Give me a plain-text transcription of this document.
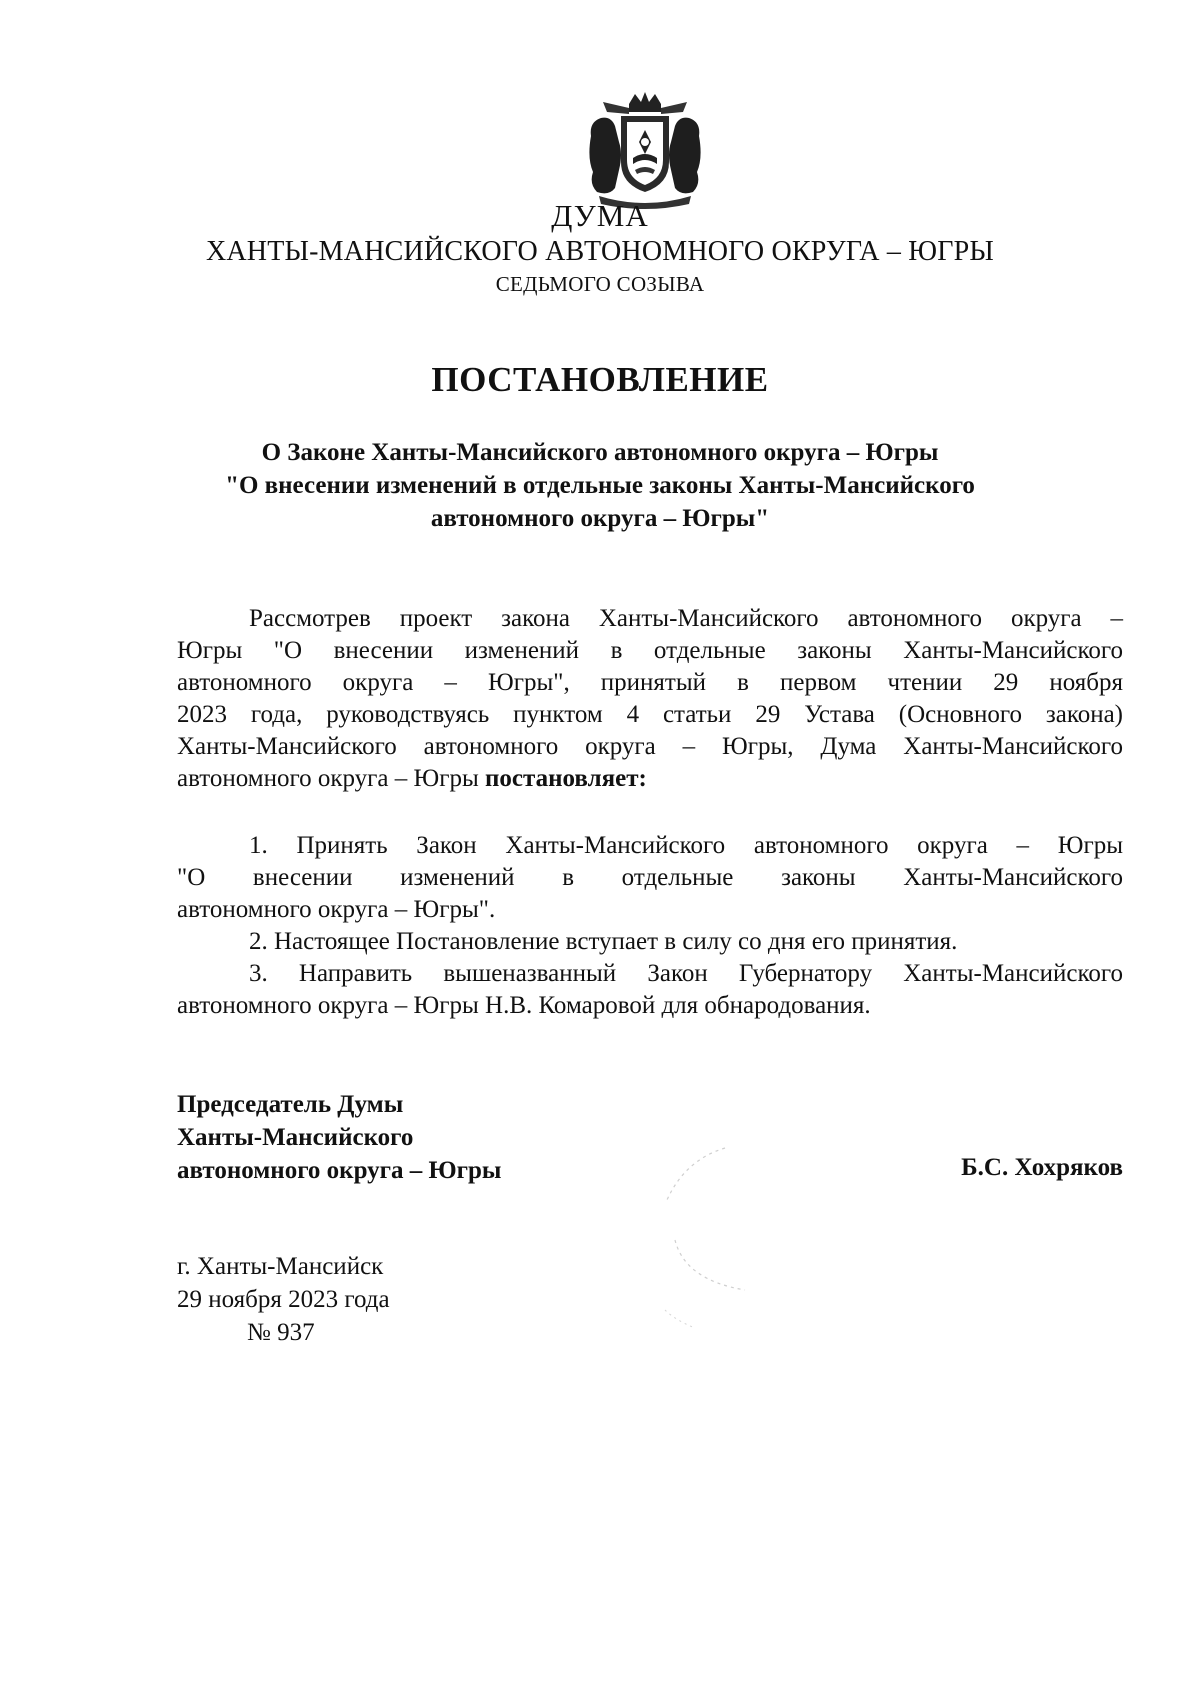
ДУМА

ХАНТЫ-МАНСИЙСКОГО АВТОНОМНОГО ОКРУГА – ЮГРЫ

СЕДЬМОГО СОЗЫВА

ПОСТАНОВЛЕНИЕ

О Законе Ханты-Мансийского автономного округа – Югры
"О внесении изменений в отдельные законы Ханты-Мансийского
автономного округа – Югры"

Рассмотрев проект закона Ханты-Мансийского автономного округа –
Югры "О внесении изменений в отдельные законы Ханты-Мансийского
автономного округа – Югры", принятый в первом чтении 29 ноября
2023 года, руководствуясь пунктом 4 статьи 29 Устава (Основного закона)
Ханты-Мансийского автономного округа – Югры, Дума Ханты-Мансийского
автономного округа – Югры постановляет:
1. Принять Закон Ханты-Мансийского автономного округа – Югры
"О внесении изменений в отдельные законы Ханты-Мансийского
автономного округа – Югры".
2. Настоящее Постановление вступает в силу со дня его принятия.
3. Направить вышеназванный Закон Губернатору Ханты-Мансийского
автономного округа – Югры Н.В. Комаровой для обнародования.
Председатель Думы
Ханты-Мансийского
автономного округа – Югры	Б.С. Хохряков
г. Ханты-Мансийск
29 ноября 2023 года
№ 937
